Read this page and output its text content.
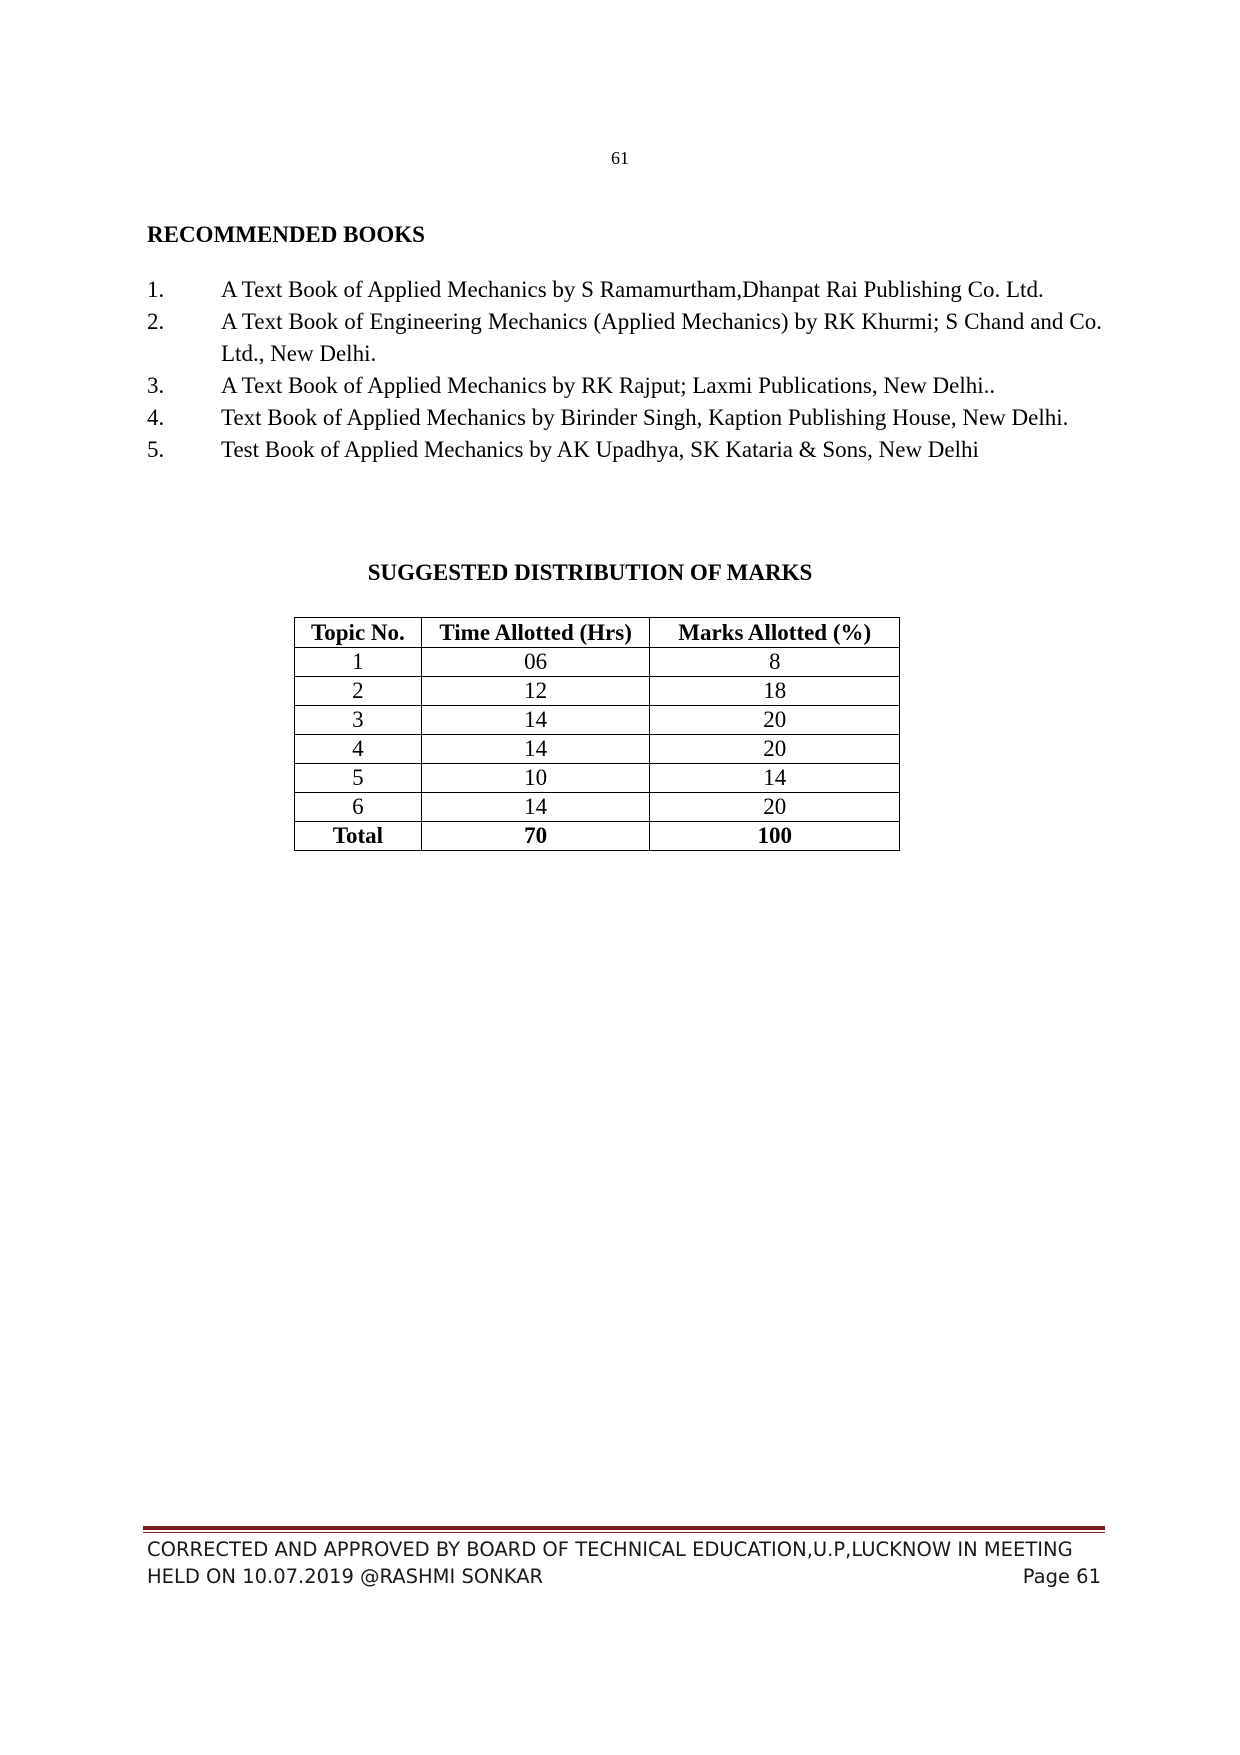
61
RECOMMENDED BOOKS
1.	A Text Book of Applied Mechanics by S Ramamurtham,Dhanpat Rai Publishing Co. Ltd.
2.	A Text Book of Engineering Mechanics (Applied Mechanics) by RK Khurmi; S Chand and Co. Ltd., New Delhi.
3.	A Text Book of Applied Mechanics by RK Rajput; Laxmi Publications, New Delhi..
4.	Text Book of Applied Mechanics by Birinder Singh, Kaption Publishing House, New Delhi.
5.	Test Book of Applied Mechanics by AK Upadhya, SK Kataria & Sons, New Delhi
SUGGESTED DISTRIBUTION OF MARKS
Topic No.	Time Allotted (Hrs)	Marks Allotted (%)
1	06	8
2	12	18
3	14	20
4	14	20
5	10	14
6	14	20
Total	70	100
CORRECTED AND APPROVED BY BOARD OF TECHNICAL EDUCATION,U.P,LUCKNOW IN MEETING
HELD ON 10.07.2019 @RASHMI SONKAR	Page 61
